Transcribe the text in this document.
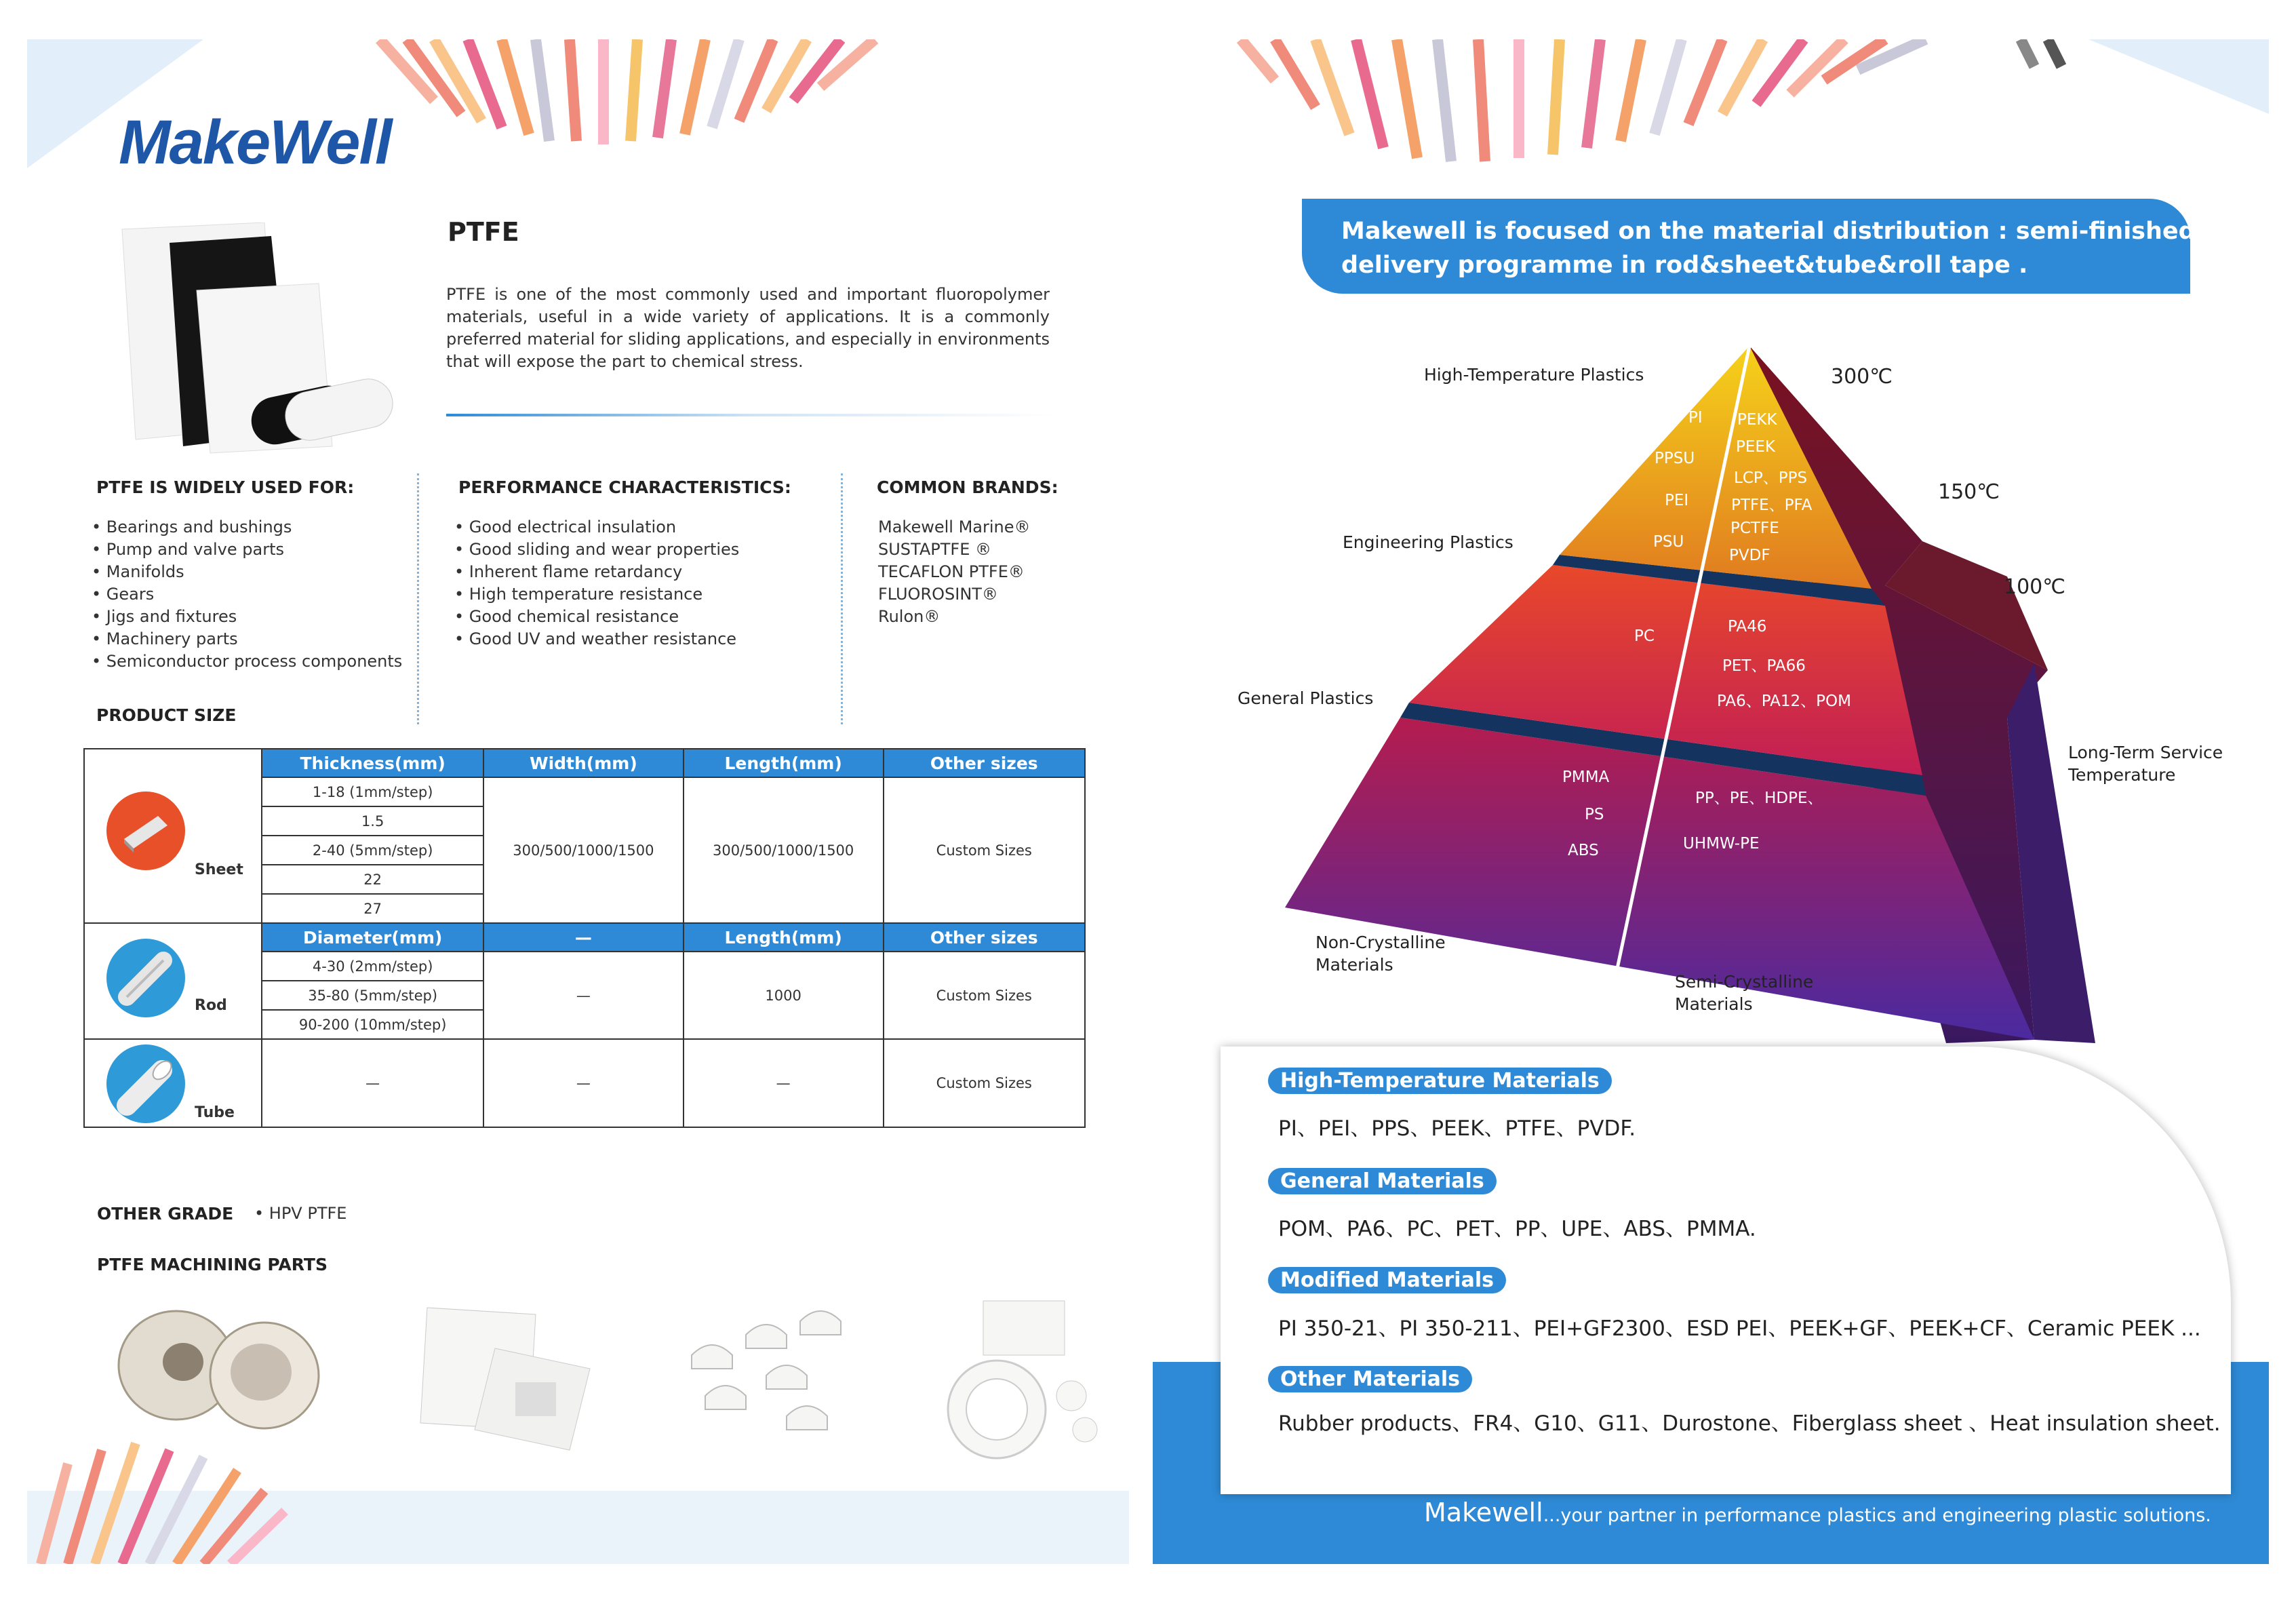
MakeWell
PTFE
PTFE is one of the most commonly used and important fluoropolymer materials, useful in a wide variety of applications. It is a commonly preferred material for sliding applications, and especially in environments that will expose the part to chemical stress.
PTFE IS WIDELY USED FOR:
• Bearings and bushings
• Pump and valve parts
• Manifolds
• Gears
• Jigs and fixtures
• Machinery parts
• Semiconductor process components
PERFORMANCE CHARACTERISTICS:
• Good electrical insulation
• Good sliding and wear properties
• Inherent flame retardancy
• High temperature resistance
• Good chemical resistance
• Good UV and weather resistance
COMMON BRANDS:
Makewell Marine®
SUSTAPTFE ®
TECAFLON PTFE®
FLUOROSINT®
Rulon®
PRODUCT SIZE
Sheet	Thickness(mm)	Width(mm)	Length(mm)	Other sizes
	1-18 (1mm/step)	300/500/1000/1500	300/500/1000/1500	Custom Sizes
	1.5			
	2-40 (5mm/step)			
	22			
	27			

Rod	Diameter(mm)	—	Length(mm)	Other sizes
	4-30 (2mm/step)	—	1000	Custom Sizes
	35-80 (5mm/step)			
	90-200 (10mm/step)			

Tube	—	—	—	Custom Sizes
OTHER GRADE • HPV PTFE
PTFE MACHINING PARTS
Makewell is focused on the material distribution : semi-finished
delivery programme in rod&sheet&tube&roll tape .
High-Temperature Plastics
Engineering Plastics
General Plastics
Long-Term Service
Temperature
Non-Crystalline
Materials
Semi-Crystalline
Materials
300℃
150℃
100℃
PI
PPSU
PEI
PSU
PEKK
PEEK
LCP、PPS
PTFE、PFA
PCTFE
PVDF
PC
PA46
PET、PA66
PA6、PA12、POM
PMMA
PS
ABS
PP、PE、HDPE、
UHMW-PE
Makewell...your partner in performance plastics and engineering plastic solutions.
High-Temperature Materials
PI、PEI、PPS、PEEK、PTFE、PVDF.
General Materials
POM、PA6、PC、PET、PP、UPE、ABS、PMMA.
Modified Materials
PI 350-21、PI 350-211、PEI+GF2300、ESD PEI、PEEK+GF、PEEK+CF、Ceramic PEEK ...
Other Materials
Rubber products、FR4、G10、G11、Durostone、Fiberglass sheet 、Heat insulation sheet.
